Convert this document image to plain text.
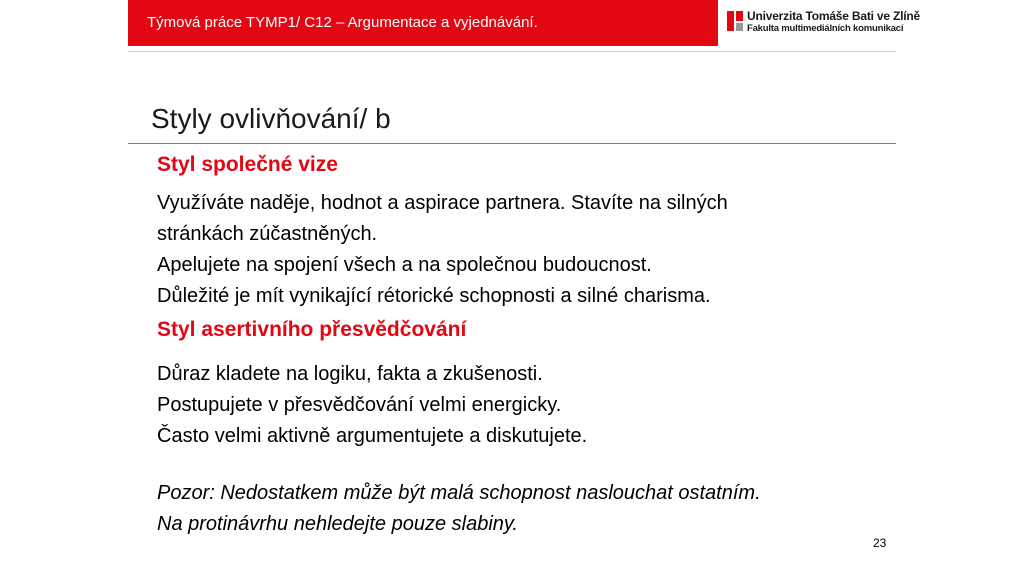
Týmová práce TYMP1/ C12 – Argumentace a vyjednávání.	Univerzita Tomáše Bati ve Zlíně
Fakulta multimediálních komunikací
Styly ovlivňování/ b
Styl společné vize
Využíváte naděje, hodnot a aspirace partnera. Stavíte na silných
stránkách zúčastněných.
Apelujete na spojení všech a na společnou budoucnost.
Důležité je mít vynikající rétorické schopnosti a silné charisma.
Styl asertivního přesvědčování
Důraz kladete na logiku, fakta a zkušenosti.
Postupujete v přesvědčování velmi energicky.
Často velmi aktivně argumentujete a diskutujete.
Pozor: Nedostatkem může být malá schopnost naslouchat ostatním.
Na protinávrhu nehledejte pouze slabiny.
23
